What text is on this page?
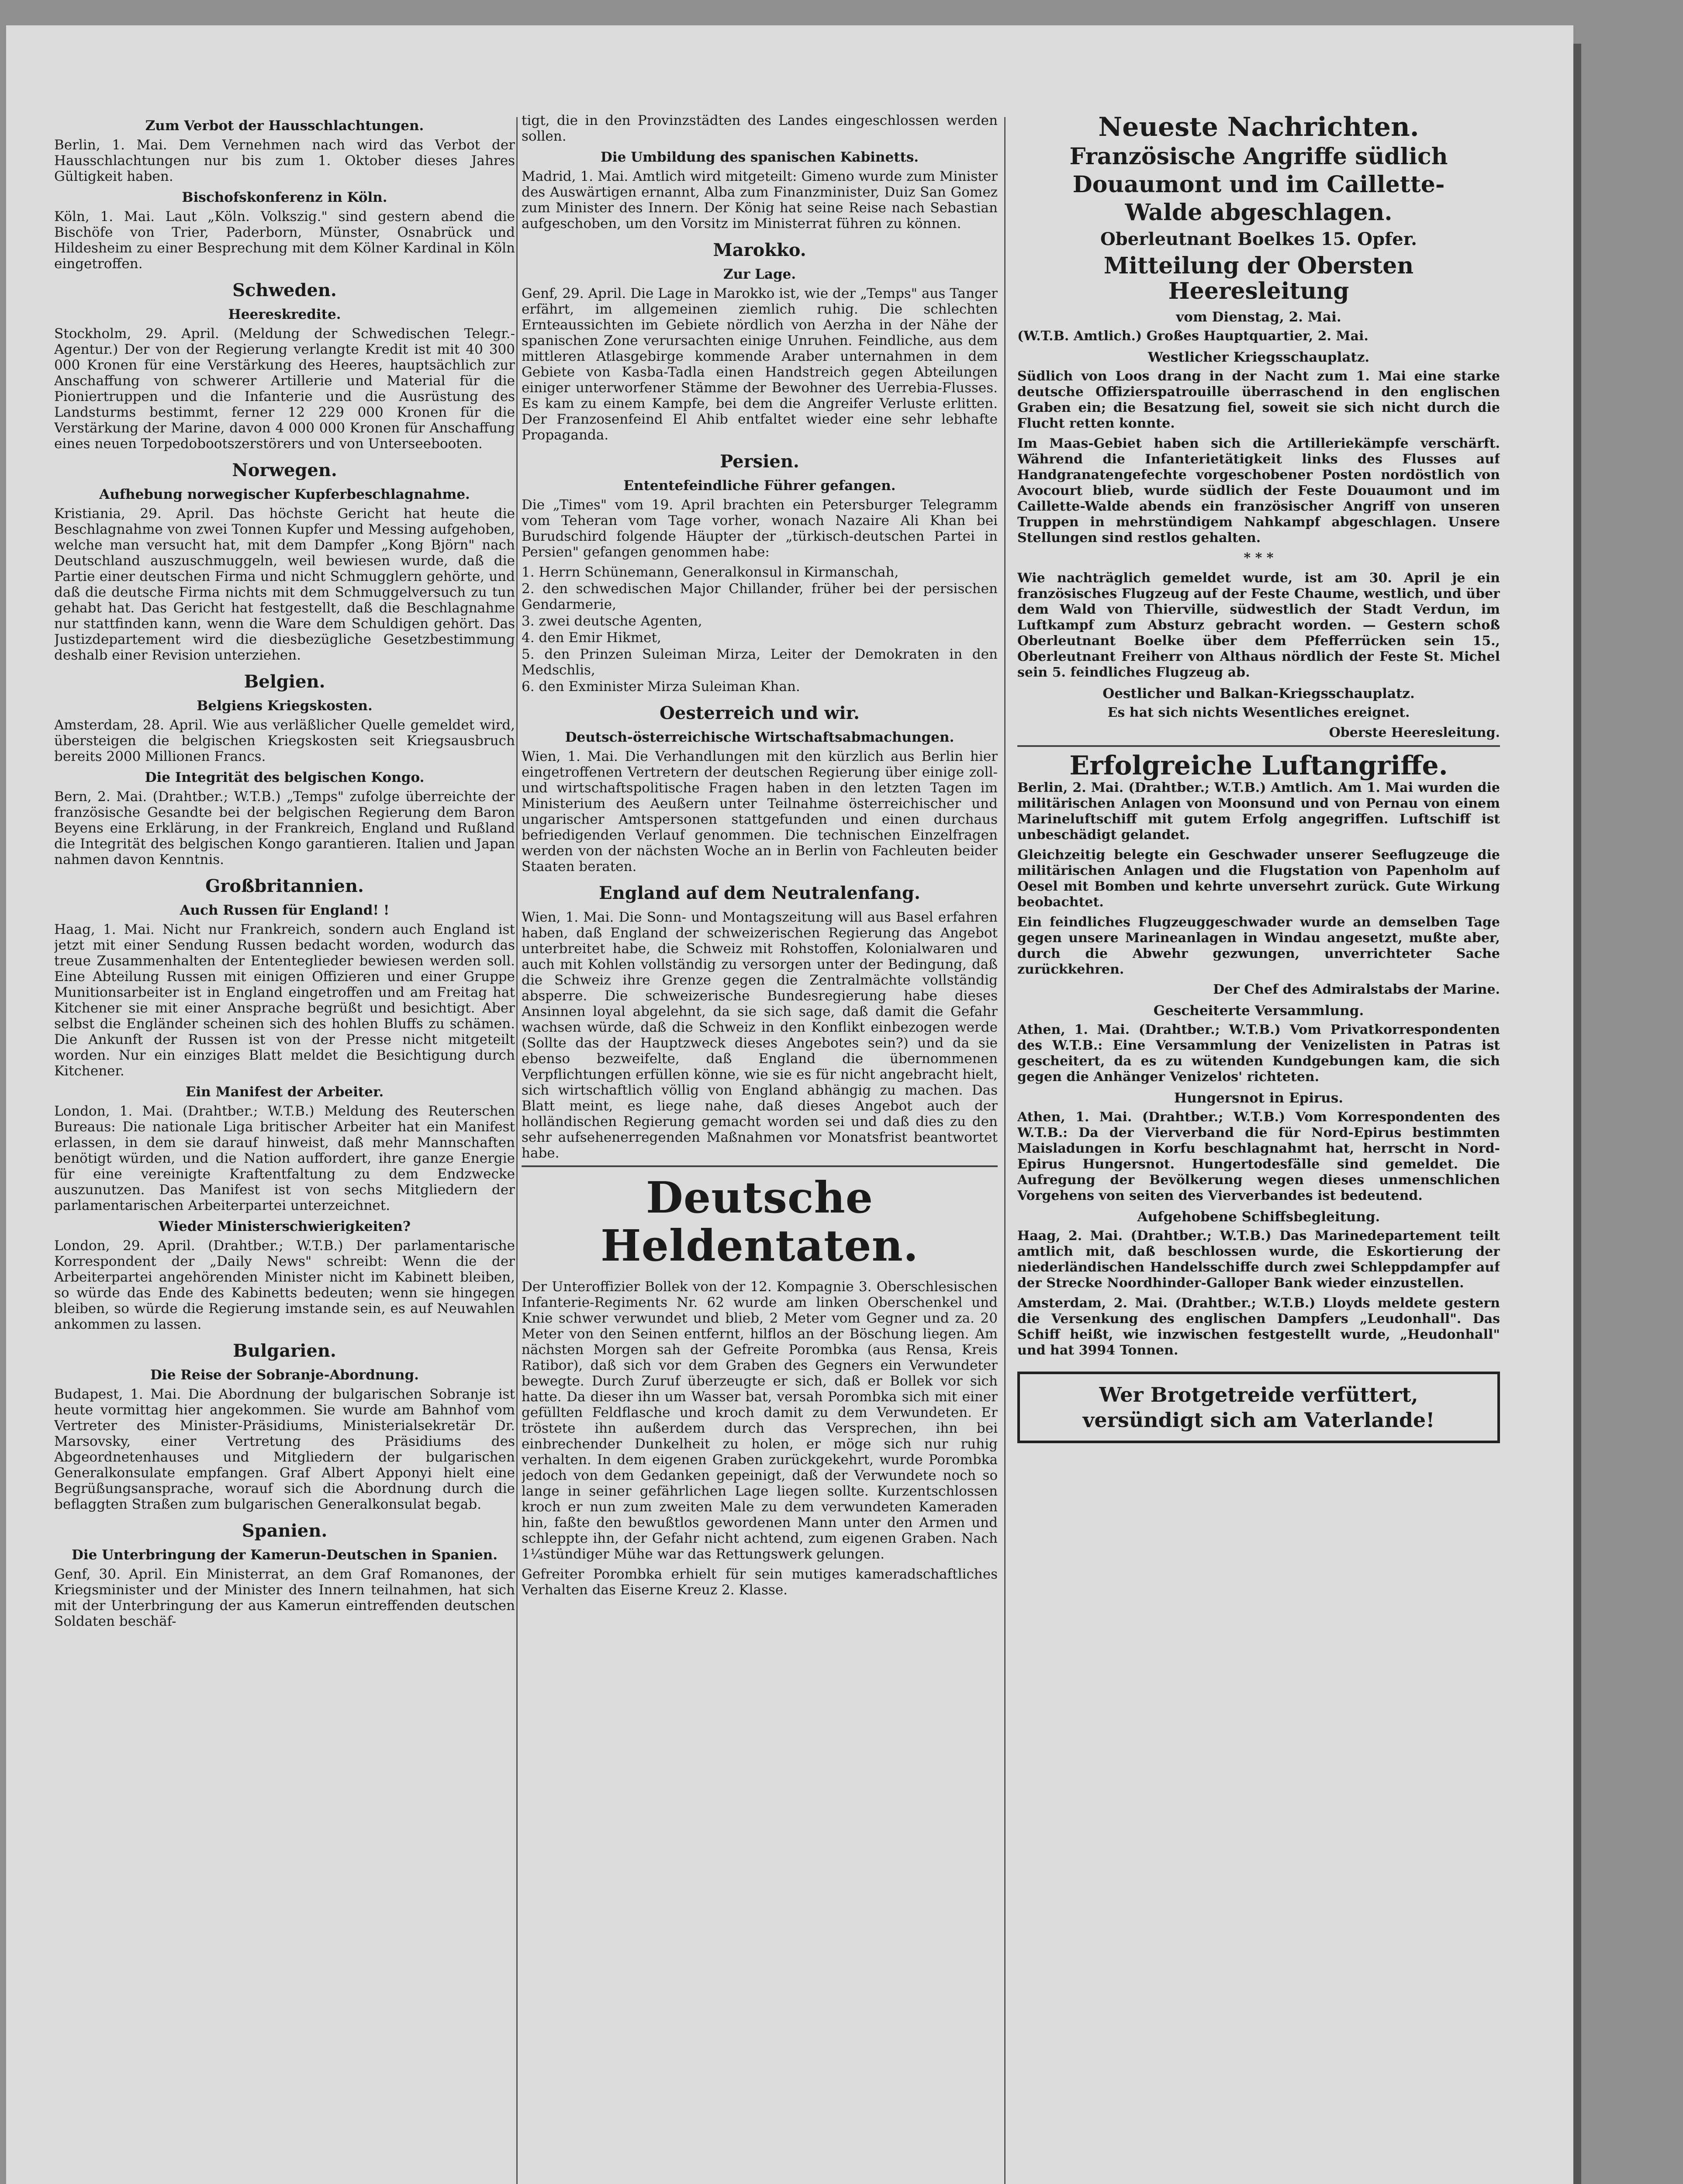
Zum Verbot der Hausschlachtungen.

Berlin, 1. Mai. Dem Vernehmen nach wird das Verbot der Hausschlachtungen nur bis zum 1. Oktober dieses Jahres Gültigkeit haben.

Bischofskonferenz in Köln.

Köln, 1. Mai. Laut „Köln. Volkszig." sind gestern abend die Bischöfe von Trier, Paderborn, Münster, Osnabrück und Hildesheim zu einer Besprechung mit dem Kölner Kardinal in Köln eingetroffen.

Schweden.
Heereskredite.

Stockholm, 29. April. (Meldung der Schwedischen Telegr.-Agentur.) Der von der Regierung verlangte Kredit ist mit 40 300 000 Kronen für eine Verstärkung des Heeres, hauptsächlich zur Anschaffung von schwerer Artillerie und Material für die Pioniertruppen und die Infanterie und die Ausrüstung des Landsturms bestimmt, ferner 12 229 000 Kronen für die Verstärkung der Marine, davon 4 000 000 Kronen für Anschaffung eines neuen Torpedobootszerstörers und von Unterseebooten.

Norwegen.
Aufhebung norwegischer Kupferbeschlagnahme.

Kristiania, 29. April. Das höchste Gericht hat heute die Beschlagnahme von zwei Tonnen Kupfer und Messing aufgehoben, welche man versucht hat, mit dem Dampfer „Kong Björn" nach Deutschland auszuschmuggeln, weil bewiesen wurde, daß die Partie einer deutschen Firma und nicht Schmugglern gehörte, und daß die deutsche Firma nichts mit dem Schmuggelversuch zu tun gehabt hat. Das Gericht hat festgestellt, daß die Beschlagnahme nur stattfinden kann, wenn die Ware dem Schuldigen gehört. Das Justizdepartement wird die diesbezügliche Gesetzbestimmung deshalb einer Revision unterziehen.

Belgien.
Belgiens Kriegskosten.

Amsterdam, 28. April. Wie aus verläßlicher Quelle gemeldet wird, übersteigen die belgischen Kriegskosten seit Kriegsausbruch bereits 2000 Millionen Francs.

Die Integrität des belgischen Kongo.

Bern, 2. Mai. (Drahtber.; W.T.B.) „Temps" zufolge überreichte der französische Gesandte bei der belgischen Regierung dem Baron Beyens eine Erklärung, in der Frankreich, England und Rußland die Integrität des belgischen Kongo garantieren. Italien und Japan nahmen davon Kenntnis.

Großbritannien.
Auch Russen für England! !

Haag, 1. Mai. Nicht nur Frankreich, sondern auch England ist jetzt mit einer Sendung Russen bedacht worden, wodurch das treue Zusammenhalten der Ententeglieder bewiesen werden soll. Eine Abteilung Russen mit einigen Offizieren und einer Gruppe Munitionsarbeiter ist in England eingetroffen und am Freitag hat Kitchener sie mit einer Ansprache begrüßt und besichtigt. Aber selbst die Engländer scheinen sich des hohlen Bluffs zu schämen. Die Ankunft der Russen ist von der Presse nicht mitgeteilt worden. Nur ein einziges Blatt meldet die Besichtigung durch Kitchener.

Ein Manifest der Arbeiter.

London, 1. Mai. (Drahtber.; W.T.B.) Meldung des Reuterschen Bureaus: Die nationale Liga britischer Arbeiter hat ein Manifest erlassen, in dem sie darauf hinweist, daß mehr Mannschaften benötigt würden, und die Nation auffordert, ihre ganze Energie für eine vereinigte Kraftentfaltung zu dem Endzwecke auszunutzen. Das Manifest ist von sechs Mitgliedern der parlamentarischen Arbeiterpartei unterzeichnet.

Wieder Ministerschwierigkeiten?

London, 29. April. (Drahtber.; W.T.B.) Der parlamentarische Korrespondent der „Daily News" schreibt: Wenn die der Arbeiterpartei angehörenden Minister nicht im Kabinett bleiben, so würde das Ende des Kabinetts bedeuten; wenn sie hingegen bleiben, so würde die Regierung imstande sein, es auf Neuwahlen ankommen zu lassen.

Bulgarien.
Die Reise der Sobranje-Abordnung.

Budapest, 1. Mai. Die Abordnung der bulgarischen Sobranje ist heute vormittag hier angekommen. Sie wurde am Bahnhof vom Vertreter des Minister-Präsidiums, Ministerialsekretär Dr. Marsovsky, einer Vertretung des Präsidiums des Abgeordnetenhauses und Mitgliedern der bulgarischen Generalkonsulate empfangen. Graf Albert Apponyi hielt eine Begrüßungsansprache, worauf sich die Abordnung durch die beflaggten Straßen zum bulgarischen Generalkonsulat begab.

Spanien.
Die Unterbringung der Kamerun-Deutschen in Spanien.

Genf, 30. April. Ein Ministerrat, an dem Graf Romanones, der Kriegsminister und der Minister des Innern teilnahmen, hat sich mit der Unterbringung der aus Kamerun eintreffenden deutschen Soldaten beschäf-

tigt, die in den Provinzstädten des Landes eingeschlossen werden sollen.

Die Umbildung des spanischen Kabinetts.

Madrid, 1. Mai. Amtlich wird mitgeteilt: Gimeno wurde zum Minister des Auswärtigen ernannt, Alba zum Finanzminister, Duiz San Gomez zum Minister des Innern. Der König hat seine Reise nach Sebastian aufgeschoben, um den Vorsitz im Ministerrat führen zu können.

Marokko.
Zur Lage.

Genf, 29. April. Die Lage in Marokko ist, wie der „Temps" aus Tanger erfährt, im allgemeinen ziemlich ruhig. Die schlechten Ernteaussichten im Gebiete nördlich von Aerzha in der Nähe der spanischen Zone verursachten einige Unruhen. Feindliche, aus dem mittleren Atlasgebirge kommende Araber unternahmen in dem Gebiete von Kasba-Tadla einen Handstreich gegen Abteilungen einiger unterworfener Stämme der Bewohner des Uerrebia-Flusses. Es kam zu einem Kampfe, bei dem die Angreifer Verluste erlitten. Der Franzosenfeind El Ahib entfaltet wieder eine sehr lebhafte Propaganda.

Persien.
Ententefeindliche Führer gefangen.

Die „Times" vom 19. April brachten ein Petersburger Telegramm vom Teheran vom Tage vorher, wonach Nazaire Ali Khan bei Burudschird folgende Häupter der „türkisch-deutschen Partei in Persien" gefangen genommen habe:

1. Herrn Schünemann, Generalkonsul in Kirmanschah,

2. den schwedischen Major Chillander, früher bei der persischen Gendarmerie,

3. zwei deutsche Agenten,

4. den Emir Hikmet,

5. den Prinzen Suleiman Mirza, Leiter der Demokraten in den Medschlis,

6. den Exminister Mirza Suleiman Khan.

Oesterreich und wir.
Deutsch-österreichische Wirtschaftsabmachungen.

Wien, 1. Mai. Die Verhandlungen mit den kürzlich aus Berlin hier eingetroffenen Vertretern der deutschen Regierung über einige zoll- und wirtschaftspolitische Fragen haben in den letzten Tagen im Ministerium des Aeußern unter Teilnahme österreichischer und ungarischer Amtspersonen stattgefunden und einen durchaus befriedigenden Verlauf genommen. Die technischen Einzelfragen werden von der nächsten Woche an in Berlin von Fachleuten beider Staaten beraten.

England auf dem Neutralenfang.

Wien, 1. Mai. Die Sonn- und Montagszeitung will aus Basel erfahren haben, daß England der schweizerischen Regierung das Angebot unterbreitet habe, die Schweiz mit Rohstoffen, Kolonialwaren und auch mit Kohlen vollständig zu versorgen unter der Bedingung, daß die Schweiz ihre Grenze gegen die Zentralmächte vollständig absperre. Die schweizerische Bundesregierung habe dieses Ansinnen loyal abgelehnt, da sie sich sage, daß damit die Gefahr wachsen würde, daß die Schweiz in den Konflikt einbezogen werde (Sollte das der Hauptzweck dieses Angebotes sein?) und da sie ebenso bezweifelte, daß England die übernommenen Verpflichtungen erfüllen könne, wie sie es für nicht angebracht hielt, sich wirtschaftlich völlig von England abhängig zu machen. Das Blatt meint, es liege nahe, daß dieses Angebot auch der holländischen Regierung gemacht worden sei und daß dies zu den sehr aufsehenerregenden Maßnahmen vor Monatsfrist beantwortet habe.

Deutsche Heldentaten.

Der Unteroffizier Bollek von der 12. Kompagnie 3. Oberschlesischen Infanterie-Regiments Nr. 62 wurde am linken Oberschenkel und Knie schwer verwundet und blieb, 2 Meter vom Gegner und za. 20 Meter von den Seinen entfernt, hilflos an der Böschung liegen. Am nächsten Morgen sah der Gefreite Porombka (aus Rensa, Kreis Ratibor), daß sich vor dem Graben des Gegners ein Verwundeter bewegte. Durch Zuruf überzeugte er sich, daß er Bollek vor sich hatte. Da dieser ihn um Wasser bat, versah Porombka sich mit einer gefüllten Feldflasche und kroch damit zu dem Verwundeten. Er tröstete ihn außerdem durch das Versprechen, ihn bei einbrechender Dunkelheit zu holen, er möge sich nur ruhig verhalten. In dem eigenen Graben zurückgekehrt, wurde Porombka jedoch von dem Gedanken gepeinigt, daß der Verwundete noch so lange in seiner gefährlichen Lage liegen sollte. Kurzentschlossen kroch er nun zum zweiten Male zu dem verwundeten Kameraden hin, faßte den bewußtlos gewordenen Mann unter den Armen und schleppte ihn, der Gefahr nicht achtend, zum eigenen Graben. Nach 1¼stündiger Mühe war das Rettungswerk gelungen.

Gefreiter Porombka erhielt für sein mutiges kameradschaftliches Verhalten das Eiserne Kreuz 2. Klasse.

Neueste Nachrichten.
Französische Angriffe südlich
Douaumont und im Caillette-
Walde abgeschlagen.
Oberleutnant Boelkes 15. Opfer.
Mitteilung der Obersten Heeresleitung
vom Dienstag, 2. Mai.

(W.T.B. Amtlich.) Großes Hauptquartier, 2. Mai.

Westlicher Kriegsschauplatz.

Südlich von Loos drang in der Nacht zum 1. Mai eine starke deutsche Offizierspatrouille überraschend in den englischen Graben ein; die Besatzung fiel, soweit sie sich nicht durch die Flucht retten konnte.

Im Maas-Gebiet haben sich die Artilleriekämpfe verschärft. Während die Infanterietätigkeit links des Flusses auf Handgranatengefechte vorgeschobener Posten nordöstlich von Avocourt blieb, wurde südlich der Feste Douaumont und im Caillette-Walde abends ein französischer Angriff von unseren Truppen in mehrstündigem Nahkampf abgeschlagen. Unsere Stellungen sind restlos gehalten.

* * *

Wie nachträglich gemeldet wurde, ist am 30. April je ein französisches Flugzeug auf der Feste Chaume, westlich, und über dem Wald von Thierville, südwestlich der Stadt Verdun, im Luftkampf zum Absturz gebracht worden. — Gestern schoß Oberleutnant Boelke über dem Pfefferrücken sein 15., Oberleutnant Freiherr von Althaus nördlich der Feste St. Michel sein 5. feindliches Flugzeug ab.

Oestlicher und Balkan-Kriegsschauplatz.

Es hat sich nichts Wesentliches ereignet.

Oberste Heeresleitung.

Erfolgreiche Luftangriffe.

Berlin, 2. Mai. (Drahtber.; W.T.B.) Amtlich. Am 1. Mai wurden die militärischen Anlagen von Moonsund und von Pernau von einem Marineluftschiff mit gutem Erfolg angegriffen. Luftschiff ist unbeschädigt gelandet.

Gleichzeitig belegte ein Geschwader unserer Seeflugzeuge die militärischen Anlagen und die Flugstation von Papenholm auf Oesel mit Bomben und kehrte unversehrt zurück. Gute Wirkung beobachtet.

Ein feindliches Flugzeuggeschwader wurde an demselben Tage gegen unsere Marineanlagen in Windau angesetzt, mußte aber, durch die Abwehr gezwungen, unverrichteter Sache zurückkehren.

Der Chef des Admiralstabs der Marine.

Gescheiterte Versammlung.

Athen, 1. Mai. (Drahtber.; W.T.B.) Vom Privatkorrespondenten des W.T.B.: Eine Versammlung der Venizelisten in Patras ist gescheitert, da es zu wütenden Kundgebungen kam, die sich gegen die Anhänger Venizelos' richteten.

Hungersnot in Epirus.

Athen, 1. Mai. (Drahtber.; W.T.B.) Vom Korrespondenten des W.T.B.: Da der Vierverband die für Nord-Epirus bestimmten Maisladungen in Korfu beschlagnahmt hat, herrscht in Nord-Epirus Hungersnot. Hungertodesfälle sind gemeldet. Die Aufregung der Bevölkerung wegen dieses unmenschlichen Vorgehens von seiten des Vierverbandes ist bedeutend.

Aufgehobene Schiffsbegleitung.

Haag, 2. Mai. (Drahtber.; W.T.B.) Das Marinedepartement teilt amtlich mit, daß beschlossen wurde, die Eskortierung der niederländischen Handelsschiffe durch zwei Schleppdampfer auf der Strecke Noordhinder-Galloper Bank wieder einzustellen.

Amsterdam, 2. Mai. (Drahtber.; W.T.B.) Lloyds meldete gestern die Versenkung des englischen Dampfers „Leudonhall". Das Schiff heißt, wie inzwischen festgestellt wurde, „Heudonhall" und hat 3994 Tonnen.

Wer Brotgetreide verfüttert,
versündigt sich am Vaterlande!
